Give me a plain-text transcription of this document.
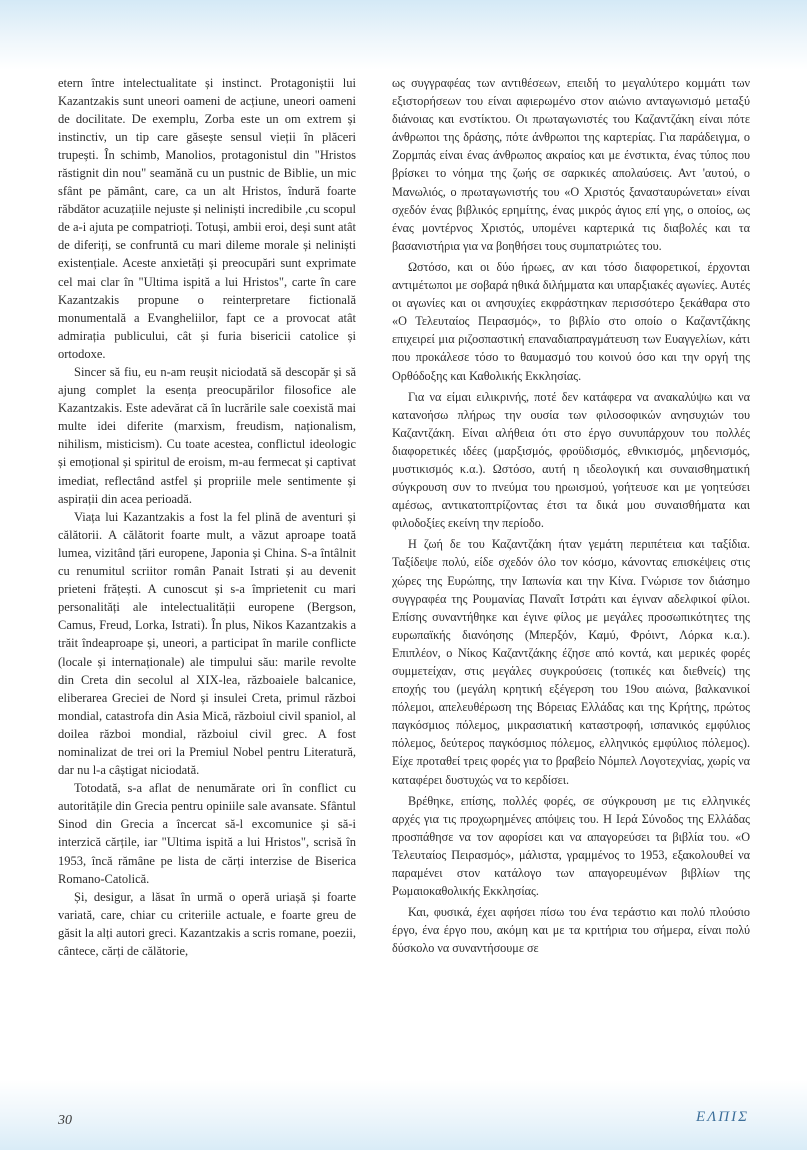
etern între intelectualitate și instinct. Protagoniștii lui Kazantzakis sunt uneori oameni de acțiune, uneori oameni de docilitate. De exemplu, Zorba este un om extrem și instinctiv, un tip care găsește sensul vieții în plăceri trupești. În schimb, Manolios, protagonistul din "Hristos răstignit din nou" seamănă cu un pustnic de Biblie, un mic sfânt pe pământ, care, ca un alt Hristos, îndură foarte răbdător acuzațiile nejuste și neliniști incredibile ,cu scopul de a-i ajuta pe compatrioți. Totuși, ambii eroi, deși sunt atât de diferiți, se confruntă cu mari dileme morale și neliniști existențiale. Aceste anxietăți și preocupări sunt exprimate cel mai clar în "Ultima ispită a lui Hristos", carte în care Kazantzakis propune o reinterpretare fictională monumentală a Evangheliilor, fapt ce a provocat atât admirația publicului, cât și furia bisericii catolice și ortodoxe.

Sincer să fiu, eu n-am reușit niciodată să descopăr și să ajung complet la esența preocupărilor filosofice ale Kazantzakis. Este adevărat că în lucrările sale coexistă mai multe idei diferite (marxism, freudism, naționalism, nihilism, misticism). Cu toate acestea, conflictul ideologic și emoțional și spiritul de eroism, m-au fermecat și captivat imediat, reflectând astfel și propriile mele sentimente și aspirații din acea perioadă.

Viața lui Kazantzakis a fost la fel plină de aventuri și călătorii. A călătorit foarte mult, a văzut aproape toată lumea, vizitând țări europene, Japonia și China. S-a întâlnit cu renumitul scriitor român Panait Istrati și au devenit prieteni frățești. A cunoscut și s-a împrietenit cu mari personalități ale intelectualității europene (Bergson, Camus, Freud, Lorka, Istrati). În plus, Nikos Kazantzakis a trăit îndeaproape și, uneori, a participat în marile conflicte (locale și internaționale) ale timpului său: marile revolte din Creta din secolul al XIX-lea, războaiele balcanice, eliberarea Greciei de Nord și insulei Creta, primul război mondial, catastrofa din Asia Mică, războiul civil spaniol, al doilea război mondial, războiul civil grec. A fost nominalizat de trei ori la Premiul Nobel pentru Literatură, dar nu l-a câștigat niciodată.

Totodată, s-a aflat de nenumărate ori în conflict cu autoritățile din Grecia pentru opiniile sale avansate. Sfântul Sinod din Grecia a încercat să-l excomunice și să-i interzică cărțile, iar "Ultima ispită a lui Hristos", scrisă în 1953, încă rămâne pe lista de cărți interzise de Biserica Romano-Catolică.

Și, desigur, a lăsat în urmă o operă uriașă și foarte variată, care, chiar cu criteriile actuale, e foarte greu de găsit la alți autori greci. Kazantzakis a scris romane, poezii, cântece, cărți de călătorie,

ως συγγραφέας των αντιθέσεων, επειδή το μεγαλύτερο κομμάτι των εξιστορήσεων του είναι αφιερωμένο στον αιώνιο ανταγωνισμό μεταξύ διάνοιας και ενστίκτου. Οι πρωταγωνιστές του Καζαντζάκη είναι πότε άνθρωποι της δράσης, πότε άνθρωποι της καρτερίας. Για παράδειγμα, ο Ζορμπάς είναι ένας άνθρωπος ακραίος και με ένστικτα, ένας τύπος που βρίσκει το νόημα της ζωής σε σαρκικές απολαύσεις. Αντ 'αυτού, ο Μανωλιός, ο πρωταγωνιστής του «Ο Χριστός ξανασταυρώνεται» είναι σχεδόν ένας βιβλικός ερημίτης, ένας μικρός άγιος επί γης, ο οποίος, ως ένας μοντέρνος Χριστός, υπομένει καρτερικά τις διαβολές και τα βασανιστήρια για να βοηθήσει τους συμπατριώτες του.

Ωστόσο, και οι δύο ήρωες, αν και τόσο διαφορετικοί, έρχονται αντιμέτωποι με σοβαρά ηθικά διλήμματα και υπαρξιακές αγωνίες. Αυτές οι αγωνίες και οι ανησυχίες εκφράστηκαν περισσότερο ξεκάθαρα στο «Ο Τελευταίος Πειρασμός», το βιβλίο στο οποίο ο Καζαντζάκης επιχειρεί μια ριζοσπαστική επαναδιαπραγμάτευση των Ευαγγελίων, κάτι που προκάλεσε τόσο το θαυμασμό του κοινού όσο και την οργή της Ορθόδοξης και Καθολικής Εκκλησίας.

Για να είμαι ειλικρινής, ποτέ δεν κατάφερα να ανακαλύψω και να κατανοήσω πλήρως την ουσία των φιλοσοφικών ανησυχιών του Καζαντζάκη. Είναι αλήθεια ότι στο έργο συνυπάρχουν του πολλές διαφορετικές ιδέες (μαρξισμός, φροϋδισμός, εθνικισμός, μηδενισμός, μυστικισμός κ.α.). Ωστόσο, αυτή η ιδεολογική και συναισθηματική σύγκρουση συν το πνεύμα του ηρωισμού, γοήτευσε και με γοητεύσει αμέσως, αντικατοπτρίζοντας έτσι τα δικά μου συναισθήματα και φιλοδοξίες εκείνη την περίοδο.

Η ζωή δε του Καζαντζάκη ήταν γεμάτη περιπέτεια και ταξίδια. Ταξίδεψε πολύ, είδε σχεδόν όλο τον κόσμο, κάνοντας επισκέψεις στις χώρες της Ευρώπης, την Ιαπωνία και την Κίνα. Γνώρισε τον διάσημο συγγραφέα της Ρουμανίας Παναΐτ Ιστράτι και έγιναν αδελφικοί φίλοι. Επίσης συναντήθηκε και έγινε φίλος με μεγάλες προσωπικότητες της ευρωπαϊκής διανόησης (Μπερξόν, Καμύ, Φρόιντ, Λόρκα κ.α.). Επιπλέον, ο Νίκος Καζαντζάκης έζησε από κοντά, και μερικές φορές συμμετείχαν, στις μεγάλες συγκρούσεις (τοπικές και διεθνείς) της εποχής του (μεγάλη κρητική εξέγερση του 19ου αιώνα, βαλκανικοί πόλεμοι, απελευθέρωση της Βόρειας Ελλάδας και της Κρήτης, πρώτος παγκόσμιος πόλεμος, μικρασιατική καταστροφή, ισπανικός εμφύλιος πόλεμος, δεύτερος παγκόσμιος πόλεμος, ελληνικός εμφύλιος πόλεμος). Είχε προταθεί τρεις φορές για το βραβείο Νόμπελ Λογοτεχνίας, χωρίς να καταφέρει δυστυχώς να το κερδίσει.

Βρέθηκε, επίσης, πολλές φορές, σε σύγκρουση με τις ελληνικές αρχές για τις προχωρημένες απόψεις του. Η Ιερά Σύνοδος της Ελλάδας προσπάθησε να τον αφορίσει και να απαγορεύσει τα βιβλία του. «Ο Τελευταίος Πειρασμός», μάλιστα, γραμμένος το 1953, εξακολουθεί να παραμένει στον κατάλογο των απαγορευμένων βιβλίων της Ρωμαιοκαθολικής Εκκλησίας.

Και, φυσικά, έχει αφήσει πίσω του ένα τεράστιο και πολύ πλούσιο έργο, ένα έργο που, ακόμη και με τα κριτήρια του σήμερα, είναι πολύ δύσκολο να συναντήσουμε σε

30	ΕΛΠΙΣ
